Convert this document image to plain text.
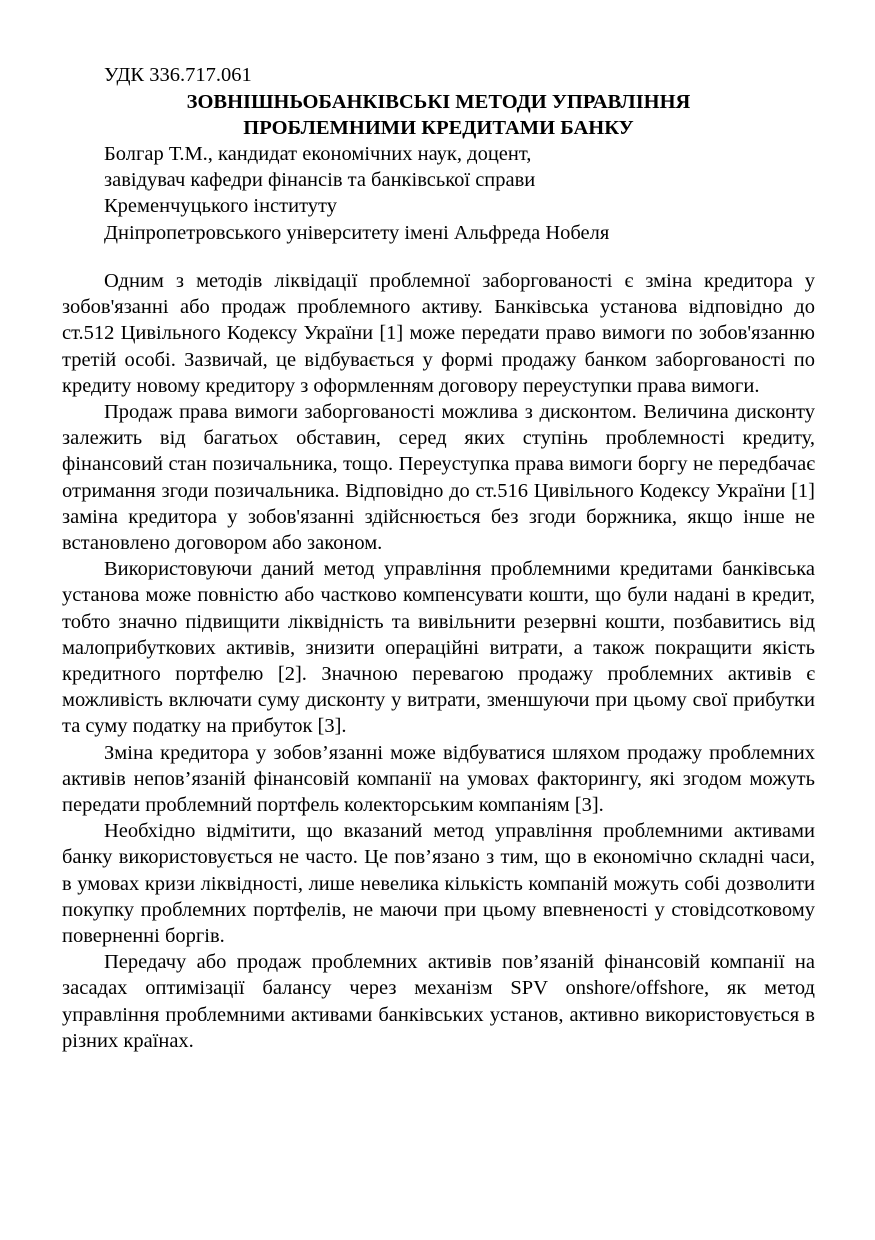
УДК 336.717.061
ЗОВНІШНЬОБАНКІВСЬКІ МЕТОДИ УПРАВЛІННЯ
ПРОБЛЕМНИМИ КРЕДИТАМИ БАНКУ
Болгар Т.М., кандидат економічних наук, доцент,
завідувач кафедри фінансів та банківської справи
Кременчуцького інституту
Дніпропетровського університету імені Альфреда Нобеля

Одним з методів ліквідації проблемної заборгованості є зміна кредитора у зобов'язанні або продаж проблемного активу. Банківська установа відповідно до ст.512 Цивільного Кодексу України [1] може передати право вимоги по зобов'язанню третій особі. Зазвичай, це відбувається у формі продажу банком заборгованості по кредиту новому кредитору з оформленням договору переуступки права вимоги.

Продаж права вимоги заборгованості можлива з дисконтом. Величина дисконту залежить від багатьох обставин, серед яких ступінь проблемності кредиту, фінансовий стан позичальника, тощо. Переуступка права вимоги боргу не передбачає отримання згоди позичальника. Відповідно до ст.516 Цивільного Кодексу України [1] заміна кредитора у зобов'язанні здійснюється без згоди боржника, якщо інше не встановлено договором або законом.

Використовуючи даний метод управління проблемними кредитами банківська установа може повністю або частково компенсувати кошти, що були надані в кредит, тобто значно підвищити ліквідність та вивільнити резервні кошти, позбавитись від малоприбуткових активів, знизити операційні витрати, а також покращити якість кредитного портфелю [2]. Значною перевагою продажу проблемних активів є можливість включати суму дисконту у витрати, зменшуючи при цьому свої прибутки та суму податку на прибуток [3].

Зміна кредитора у зобов’язанні може відбуватися шляхом продажу проблемних активів непов’язаній фінансовій компанії на умовах факторингу, які згодом можуть передати проблемний портфель колекторським компаніям [3].

Необхідно відмітити, що вказаний метод управління проблемними активами банку використовується не часто. Це пов’язано з тим, що в економічно складні часи, в умовах кризи ліквідності, лише невелика кількість компаній можуть собі дозволити покупку проблемних портфелів, не маючи при цьому впевненості у стовідсотковому поверненні боргів.

Передачу або продаж проблемних активів пов’язаній фінансовій компанії на засадах оптимізації балансу через механізм SPV onshore/offshore, як метод управління проблемними активами банківських установ, активно використовується в різних країнах.
